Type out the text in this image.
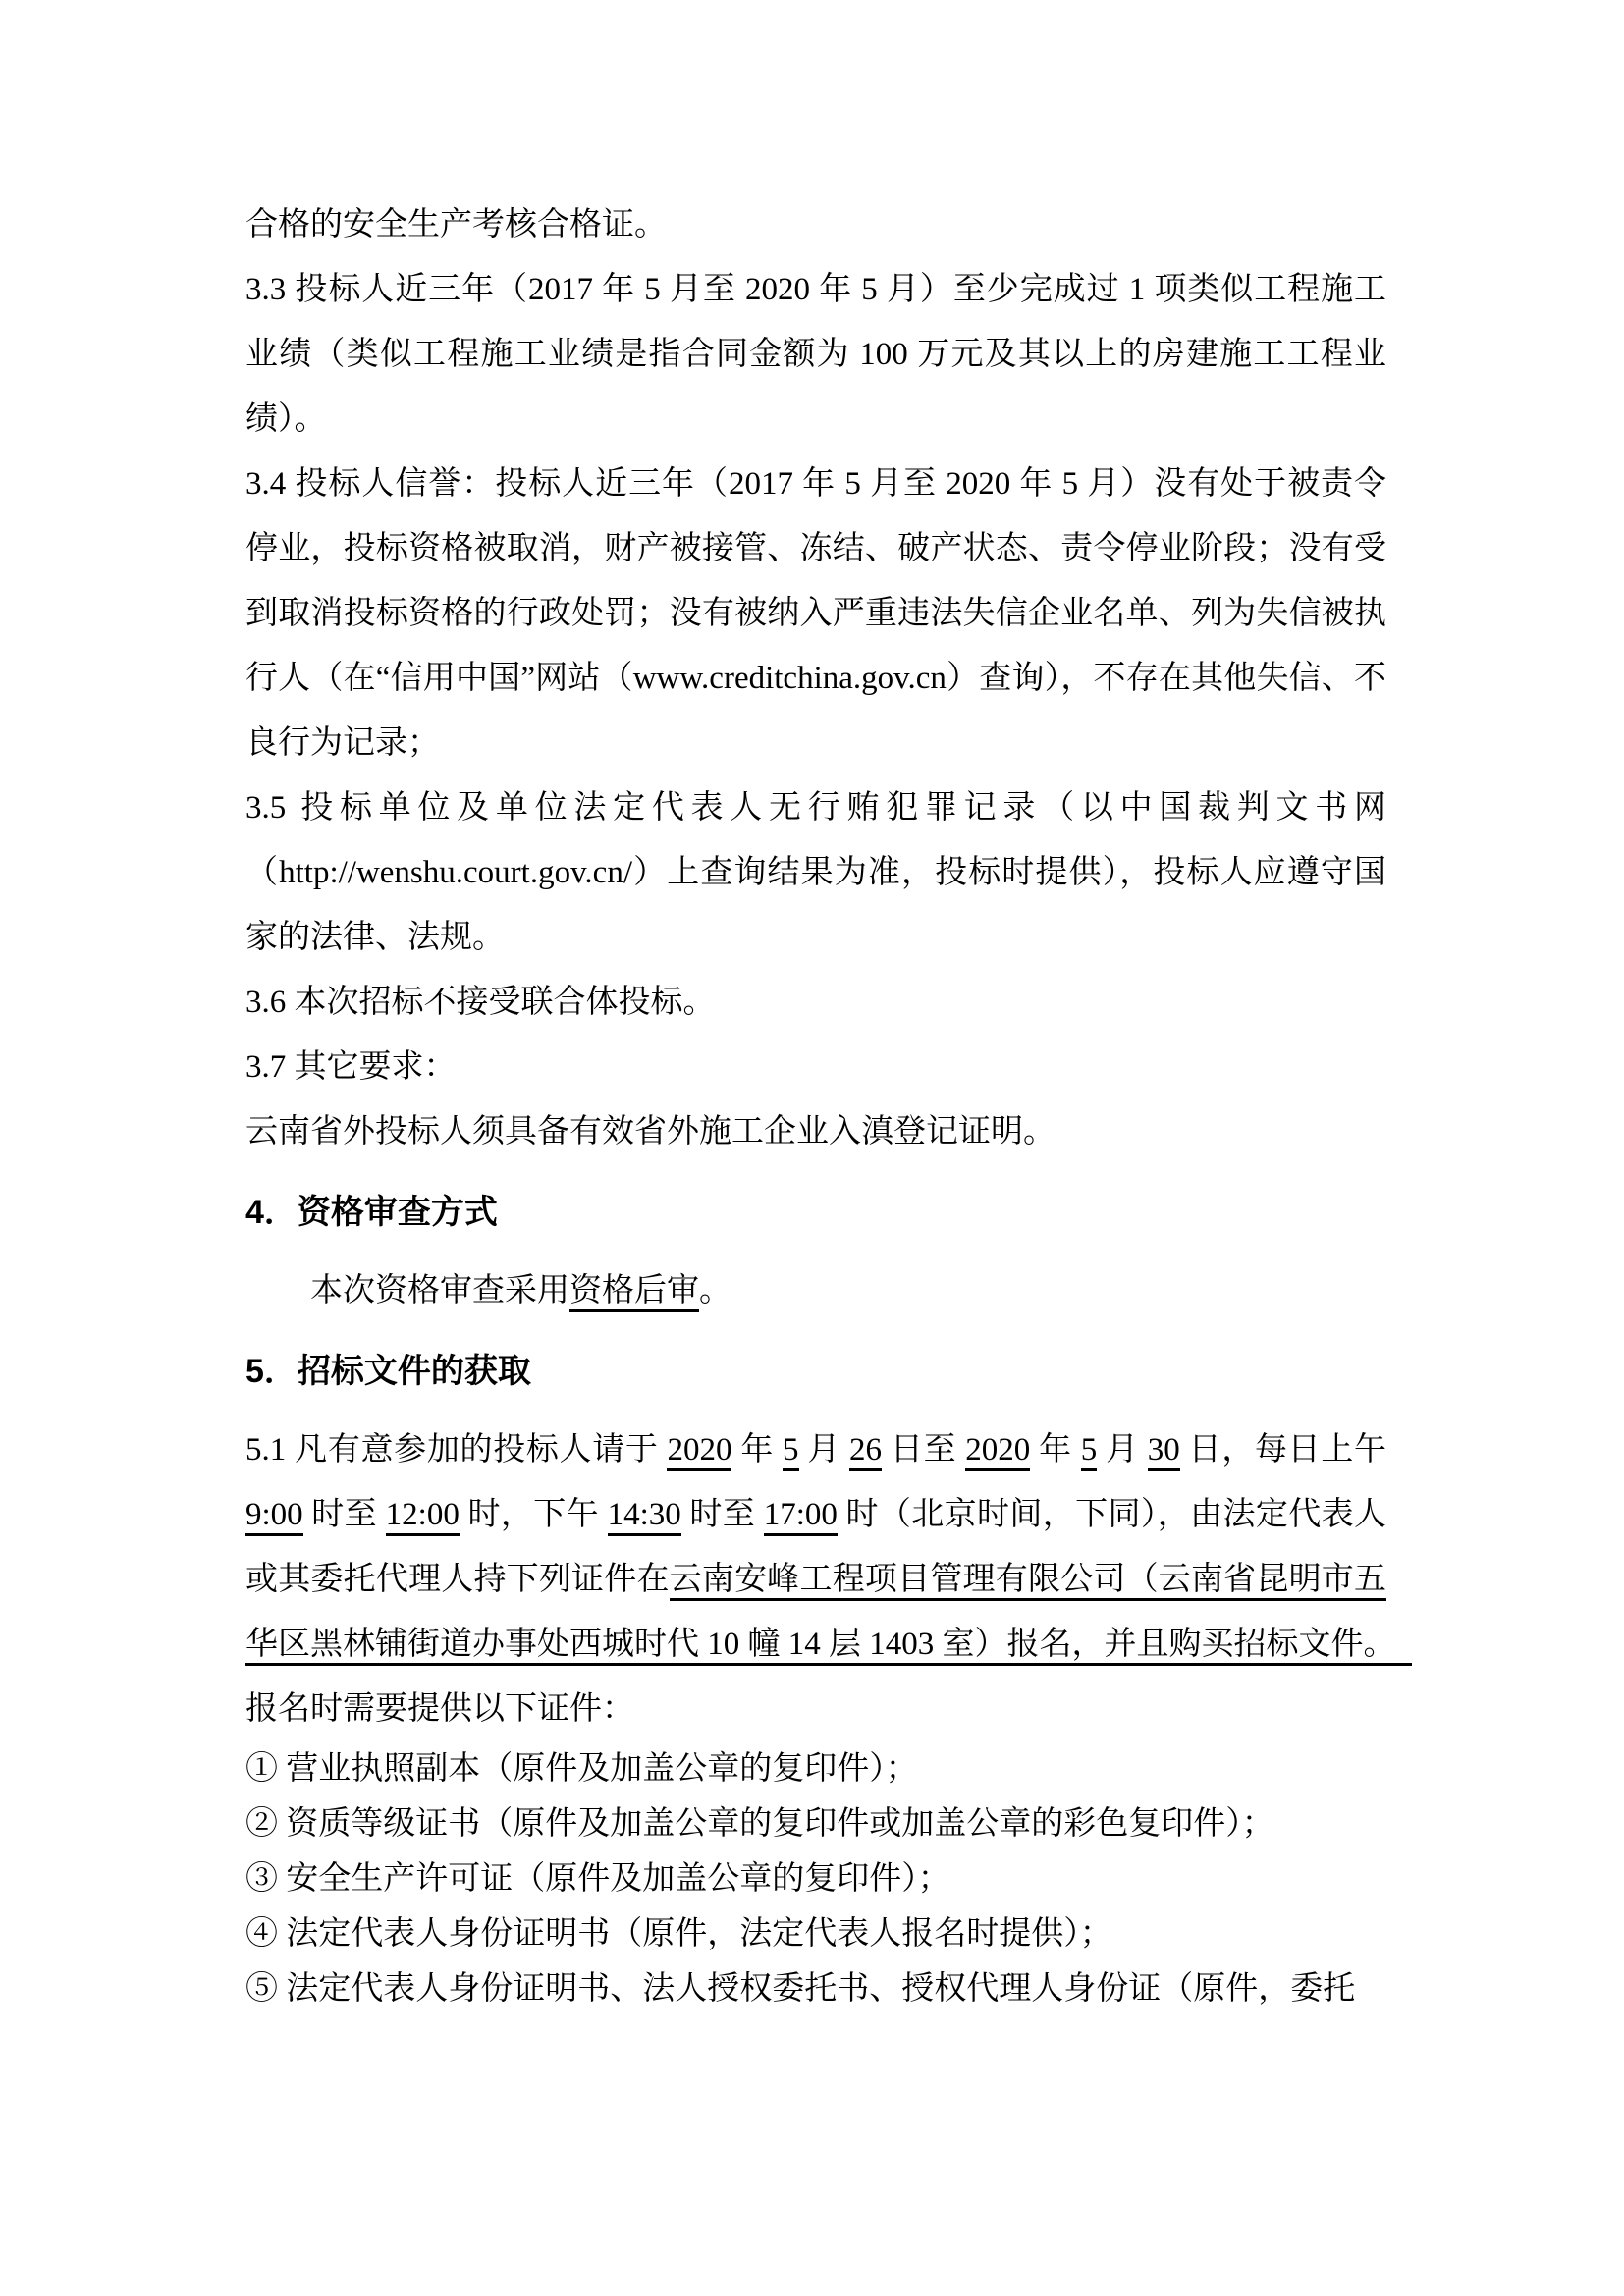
合格的安全生产考核合格证。

3.3 投标人近三年（2017 年 5 月至 2020 年 5 月）至少完成过 1 项类似工程施工业绩（类似工程施工业绩是指合同金额为 100 万元及其以上的房建施工工程业绩）。

3.4 投标人信誉：投标人近三年（2017 年 5 月至 2020 年 5 月）没有处于被责令停业，投标资格被取消，财产被接管、冻结、破产状态、责令停业阶段；没有受到取消投标资格的行政处罚；没有被纳入严重违法失信企业名单、列为失信被执行人（在“信用中国”网站（www.creditchina.gov.cn）查询），不存在其他失信、不良行为记录；

3.5 投标单位及单位法定代表人无行贿犯罪记录（以中国裁判文书网（http://wenshu.court.gov.cn/）上查询结果为准，投标时提供），投标人应遵守国家的法律、法规。

3.6 本次招标不接受联合体投标。

3.7 其它要求：

云南省外投标人须具备有效省外施工企业入滇登记证明。

4．资格审查方式

本次资格审查采用资格后审。

5．招标文件的获取

5.1 凡有意参加的投标人请于 2020 年 5 月 26 日至 2020 年 5 月 30 日，每日上午 9:00 时至 12:00 时，下午 14:30 时至 17:00 时（北京时间，下同），由法定代表人或其委托代理人持下列证件在云南安峰工程项目管理有限公司（云南省昆明市五华区黑林铺街道办事处西城时代 10 幢 14 层 1403 室）报名，并且购买招标文件。　

报名时需要提供以下证件：

① 营业执照副本（原件及加盖公章的复印件）；

② 资质等级证书（原件及加盖公章的复印件或加盖公章的彩色复印件）；

③ 安全生产许可证（原件及加盖公章的复印件）；

④ 法定代表人身份证明书（原件，法定代表人报名时提供）；

⑤ 法定代表人身份证明书、法人授权委托书、授权代理人身份证（原件，委托
